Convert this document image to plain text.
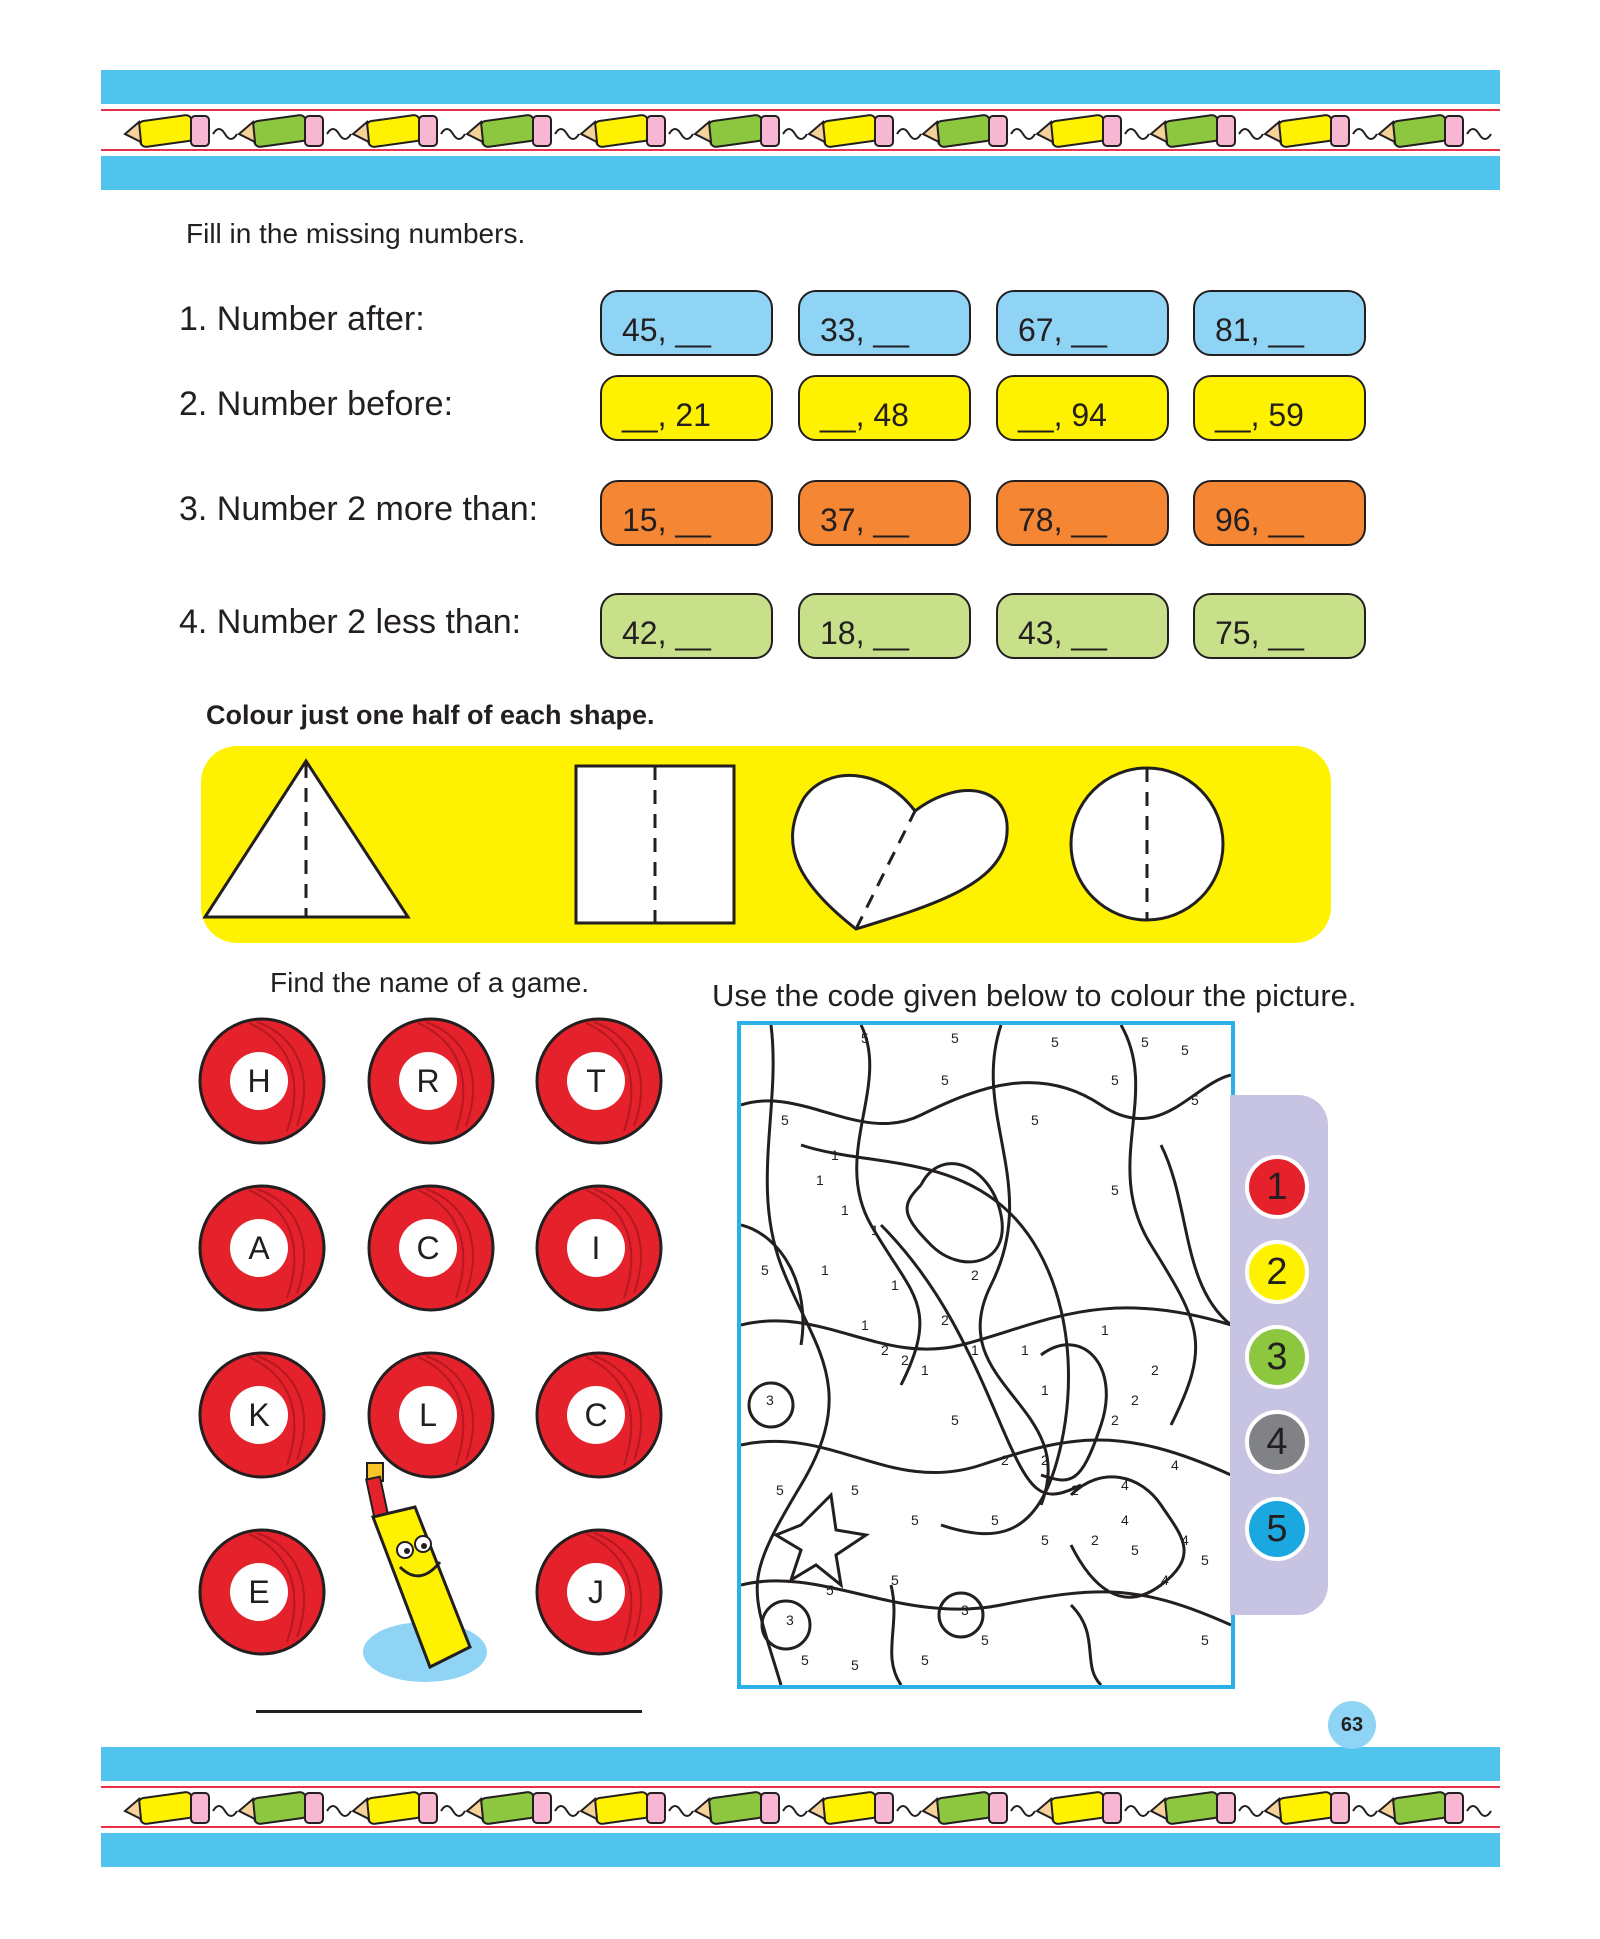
Fill in the missing numbers.
1. Number after:	45, __	33, __	67, __	81, __
2. Number before:	__, 21	__, 48	__, 94	__, 59
3. Number 2 more than:	15, __	37, __	78, __	96, __
4. Number 2 less than:	42, __	18, __	43, __	75, __
Colour just one half of each shape.
Find the name of a game.
H	R	T
A	C	I
K	L	C
E	J
Use the code given below to colour the picture.
5	5	5	5 5
5
5	5
5
5
5
5
5
5
5
1
1
1
1
1
1
1
1
1	1
1
1
2
2
2
2
2 2
2
2
2
2
2
3
3
3
4
4
4
4
4
5
5
5
5	5
5
5
5
5	5	5
5
1
2
3
4
5
63
